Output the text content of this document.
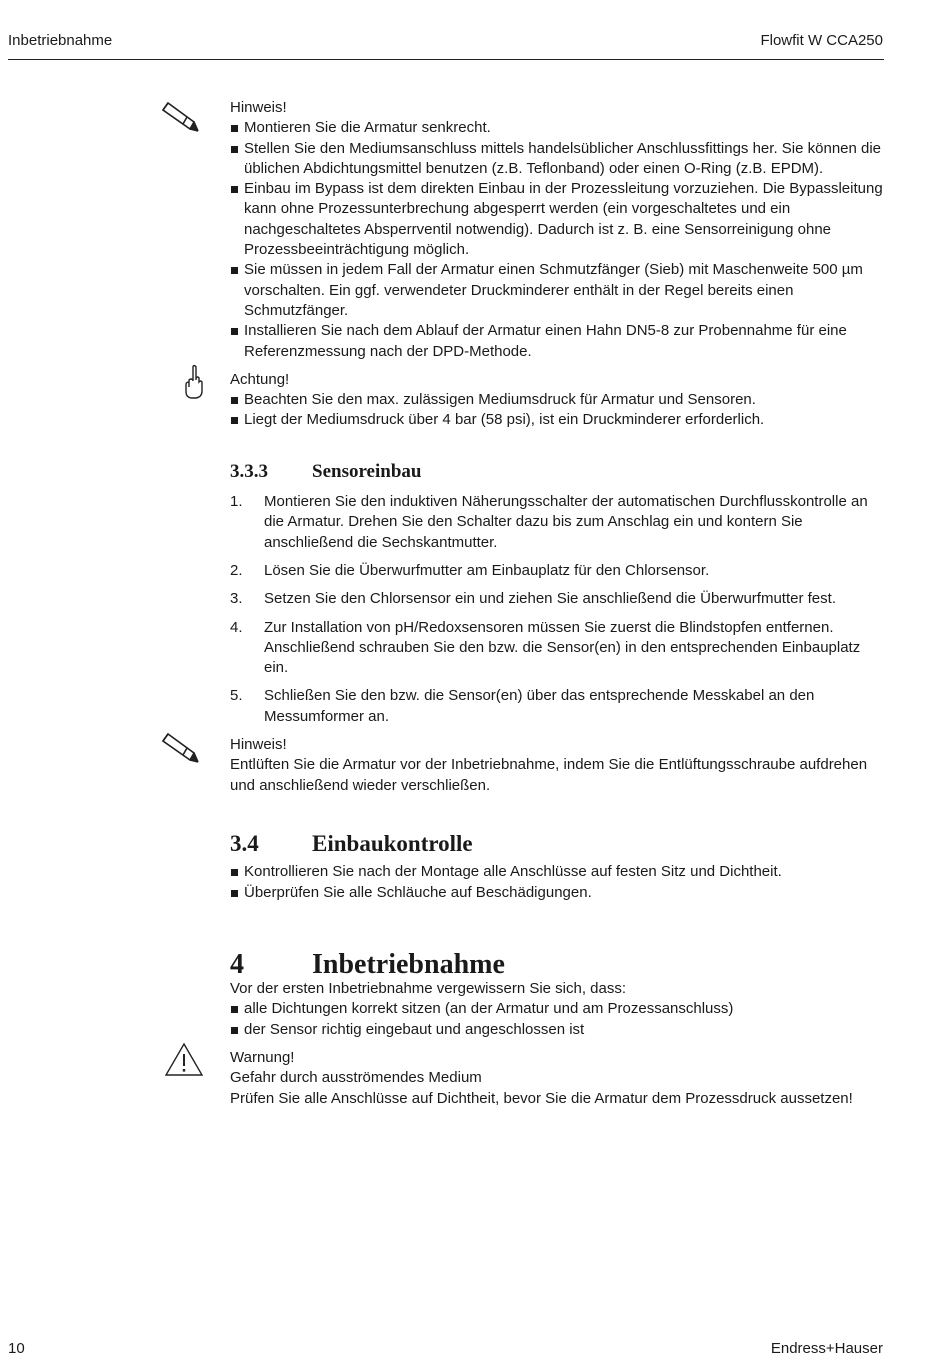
Inbetriebnahme	Flowfit W CCA250

Hinweis!

Montieren Sie die Armatur senkrecht.
Stellen Sie den Mediumsanschluss mittels handelsüblicher Anschlussfittings her. Sie können die üblichen Abdichtungsmittel benutzen (z.B. Teflonband) oder einen O-Ring (z.B. EPDM).
Einbau im Bypass ist dem direkten Einbau in der Prozessleitung vorzuziehen. Die Bypassleitung kann ohne Prozessunterbrechung abgesperrt werden (ein vorgeschaltetes und ein nachgeschaltetes Absperrventil notwendig). Dadurch ist z. B. eine Sensorreinigung ohne Prozessbeeinträchtigung möglich.
Sie müssen in jedem Fall der Armatur einen Schmutzfänger (Sieb) mit Maschenweite 500 µm vorschalten. Ein ggf. verwendeter Druckminderer enthält in der Regel bereits einen Schmutzfänger.
Installieren Sie nach dem Ablauf der Armatur einen Hahn DN5-8 zur Probennahme für eine Referenzmessung nach der DPD-Methode.

Achtung!

Beachten Sie den max. zulässigen Mediumsdruck für Armatur und Sensoren.
Liegt der Mediumsdruck über 4 bar (58 psi), ist ein Druckminderer erforderlich.
3.3.3	Sensoreinbau
1.	Montieren Sie den induktiven Näherungsschalter der automatischen Durchflusskontrolle an die Armatur. Drehen Sie den Schalter dazu bis zum Anschlag ein und kontern Sie anschließend die Sechskantmutter.
2.	Lösen Sie die Überwurfmutter am Einbauplatz für den Chlorsensor.
3.	Setzen Sie den Chlorsensor ein und ziehen Sie anschließend die Überwurfmutter fest.
4.	Zur Installation von pH/Redoxsensoren müssen Sie zuerst die Blindstopfen entfernen. Anschließend schrauben Sie den bzw. die Sensor(en) in den entsprechenden Einbauplatz ein.
5.	Schließen Sie den bzw. die Sensor(en) über das entsprechende Messkabel an den Messumformer an.

Hinweis!

Entlüften Sie die Armatur vor der Inbetriebnahme, indem Sie die Entlüftungsschraube aufdrehen und anschließend wieder verschließen.

3.4	Einbaukontrolle
Kontrollieren Sie nach der Montage alle Anschlüsse auf festen Sitz und Dichtheit.
Überprüfen Sie alle Schläuche auf Beschädigungen.
4	Inbetriebnahme

Vor der ersten Inbetriebnahme vergewissern Sie sich, dass:

alle Dichtungen korrekt sitzen (an der Armatur und am Prozessanschluss)
der Sensor richtig eingebaut und angeschlossen ist

Warnung!

Gefahr durch ausströmendes Medium

Prüfen Sie alle Anschlüsse auf Dichtheit, bevor Sie die Armatur dem Prozessdruck aussetzen!

10	Endress+Hauser
